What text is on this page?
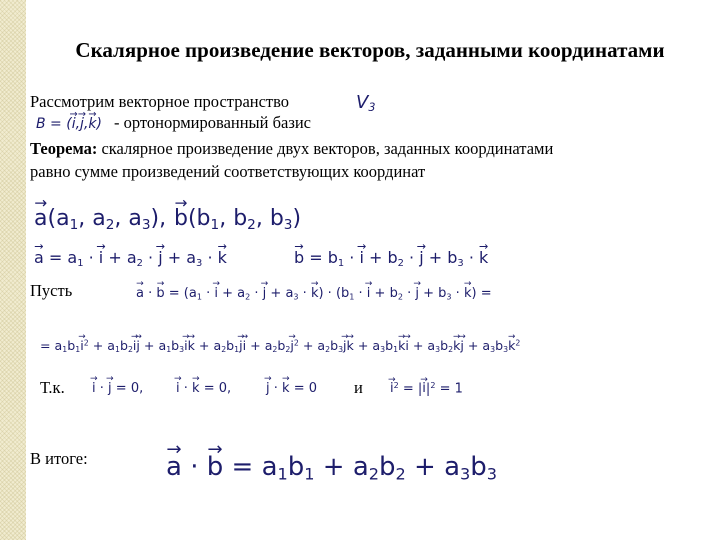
Скалярное произведение векторов, заданными координатами
Рассмотрим векторное пространство	$V_3$
B = (→ i,→ j,→ k) - ортонормированный базис
Теорема: скалярное произведение двух векторов, заданных координатами
равно сумме произведений соответствующих координат
→ $a(a_1$, $a_2$, $a_3$),
→ $b(b_1$, $b_2$, $b_3$)
→ $a = a_1$ · → $i + a_2$ · → $j + a_3$ · → k
→	$b = b_1$ · → $i + b_2$ · → $j + b_3$ · → k
Пусть
→	a · → $b = (a_1$ · → $i + a_2$ · → $j + a_3$ · → $k) \cdot (b_1$ · → $i + b_2$ · → $j + b_3$ · → k) =
= $a_1b_1\to i^2 + a_1b_2\to i\to j + a_1b_3\to i\to k + a_2b_1\to j\to i + a_2b_2\to j^2 + a_2b_3\to j\to k + a_3b_1\to k\to i + a_3b_2\to k\to j + a_3b_3\to k^2$
Т.к.
→ i · → j = 0,
→	i · → k = 0,
→	j · → k = 0 и
→ $i^2$ = |→ $i|^2 = 1$
В итоге:
→	a · → $b = a_1b_1 + a_2b_2 + a_3b_3$
